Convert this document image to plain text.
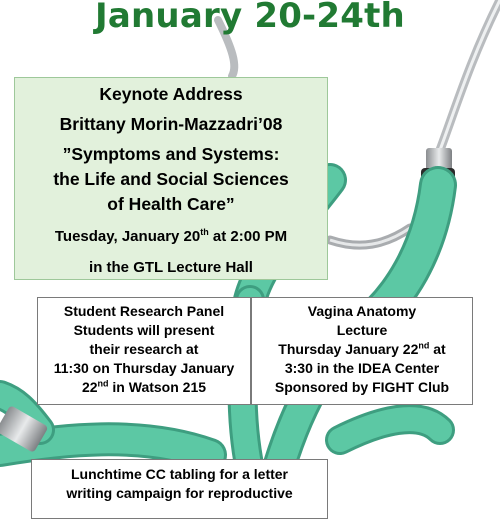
January 20-24th
Keynote Address
Brittany Morin-Mazzadri’08
”Symptoms and Systems:
the Life and Social Sciences
of Health Care”
Tuesday, January 20th at 2:00 PM
in the GTL Lecture Hall
Student Research Panel
Students will present
their research at
11:30 on Thursday January
22nd in Watson 215
Vagina Anatomy
Lecture
Thursday January 22nd at
3:30 in the IDEA Center
Sponsored by FIGHT Club
Lunchtime CC tabling for a letter
writing campaign for reproductive
